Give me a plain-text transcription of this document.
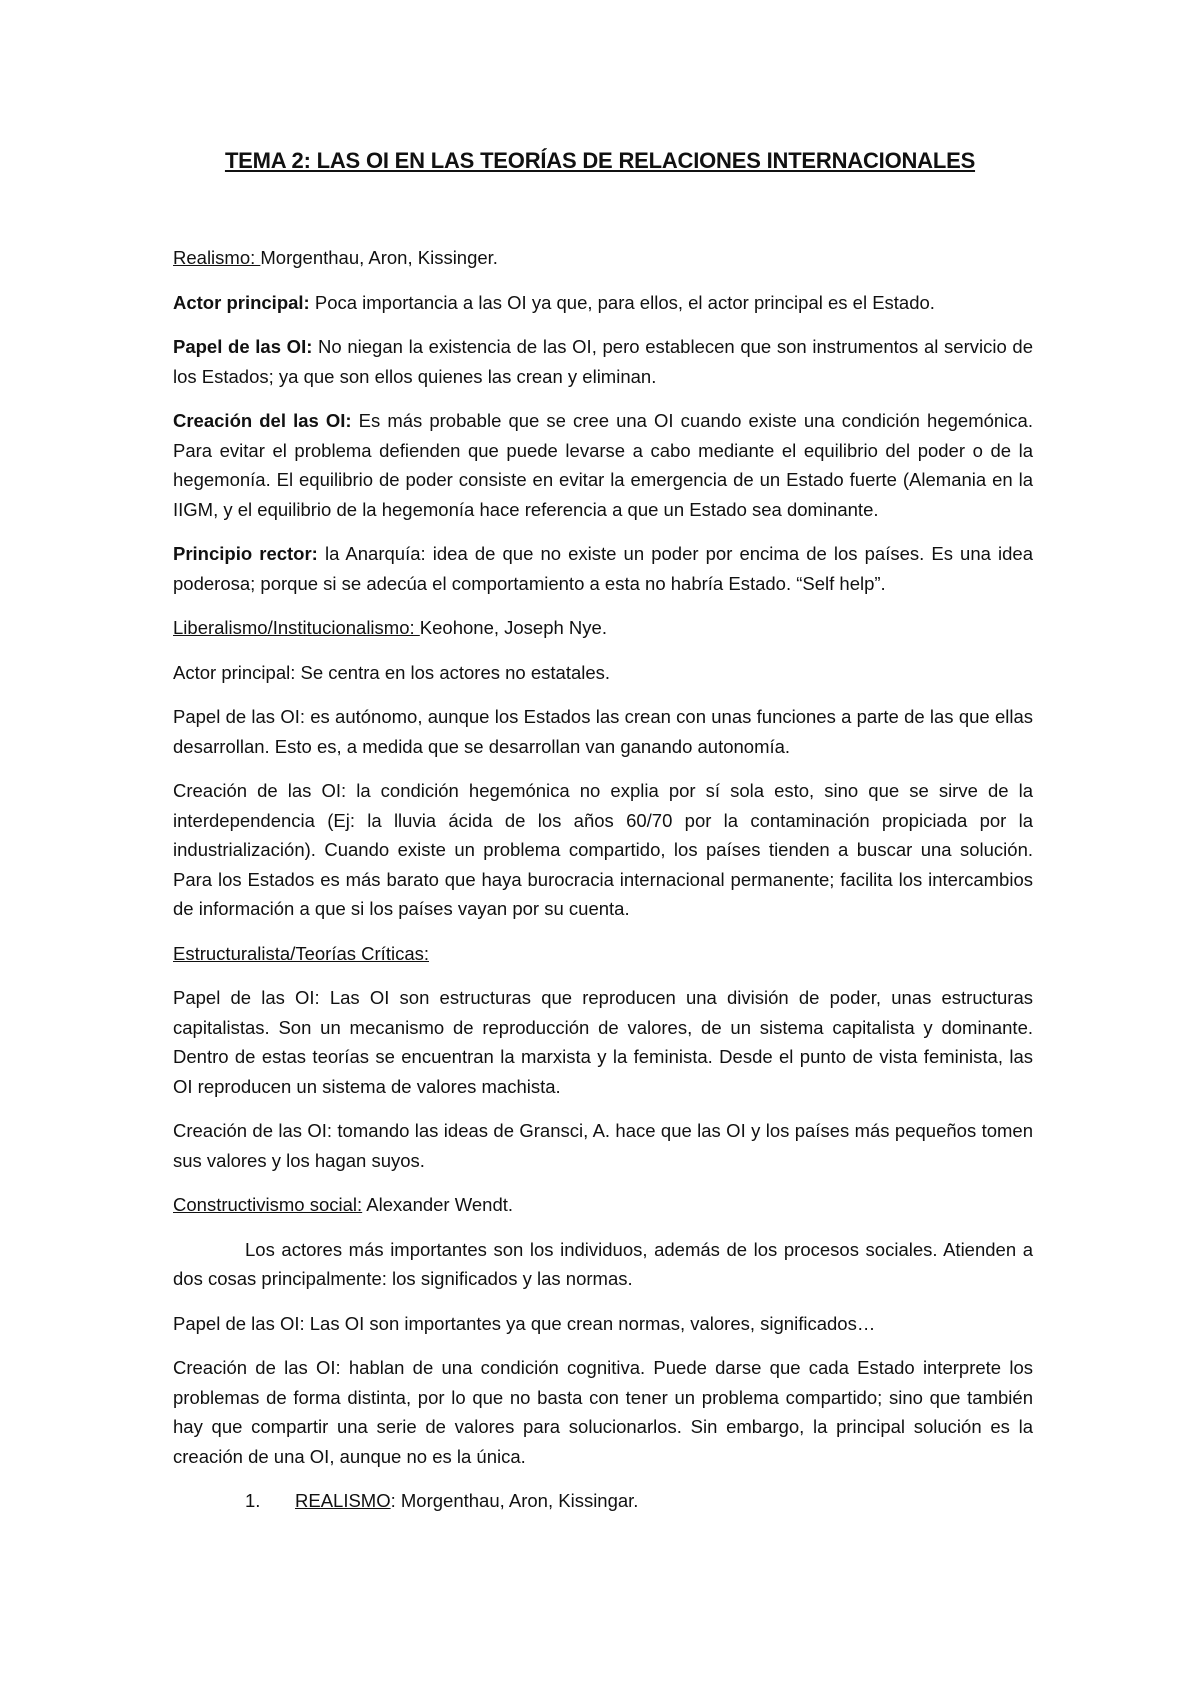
TEMA 2: LAS OI EN LAS TEORÍAS DE RELACIONES INTERNACIONALES

Realismo: Morgenthau, Aron, Kissinger.

Actor principal: Poca importancia a las OI ya que, para ellos, el actor principal es el Estado.

Papel de las OI: No niegan la existencia de las OI, pero establecen que son instrumentos al servicio de los Estados; ya que son ellos quienes las crean y eliminan.

Creación del las OI: Es más probable que se cree una OI cuando existe una condición hegemónica. Para evitar el problema defienden que puede levarse a cabo mediante el equilibrio del poder o de la hegemonía. El equilibrio de poder consiste en evitar la emergencia de un Estado fuerte (Alemania en la IIGM, y el equilibrio de la hegemonía hace referencia a que un Estado sea dominante.

Principio rector: la Anarquía: idea de que no existe un poder por encima de los países. Es una idea poderosa; porque si se adecúa el comportamiento a esta no habría Estado. “Self help”.

Liberalismo/Institucionalismo: Keohone, Joseph Nye.

Actor principal: Se centra en los actores no estatales.

Papel de las OI: es autónomo, aunque los Estados las crean con unas funciones a parte de las que ellas desarrollan. Esto es, a medida que se desarrollan van ganando autonomía.

Creación de las OI: la condición hegemónica no explia por sí sola esto, sino que se sirve de la interdependencia (Ej: la lluvia ácida de los años 60/70 por la contaminación propiciada por la industrialización). Cuando existe un problema compartido, los países tienden a buscar una solución. Para los Estados es más barato que haya burocracia internacional permanente; facilita los intercambios de información a que si los países vayan por su cuenta.

Estructuralista/Teorías Críticas:

Papel de las OI: Las OI son estructuras que reproducen una división de poder, unas estructuras capitalistas. Son un mecanismo de reproducción de valores, de un sistema capitalista y dominante. Dentro de estas teorías se encuentran la marxista y la feminista. Desde el punto de vista feminista, las OI reproducen un sistema de valores machista.

Creación de las OI: tomando las ideas de Gransci, A. hace que las OI y los países más pequeños tomen sus valores y los hagan suyos.

Constructivismo social: Alexander Wendt.

Los actores más importantes son los individuos, además de los procesos sociales. Atienden a dos cosas principalmente: los significados y las normas.

Papel de las OI: Las OI son importantes ya que crean normas, valores, significados…

Creación de las OI: hablan de una condición cognitiva. Puede darse que cada Estado interprete los problemas de forma distinta, por lo que no basta con tener un problema compartido; sino que también hay que compartir una serie de valores para solucionarlos. Sin embargo, la principal solución es la creación de una OI, aunque no es la única.

1. REALISMO: Morgenthau, Aron, Kissingar.
